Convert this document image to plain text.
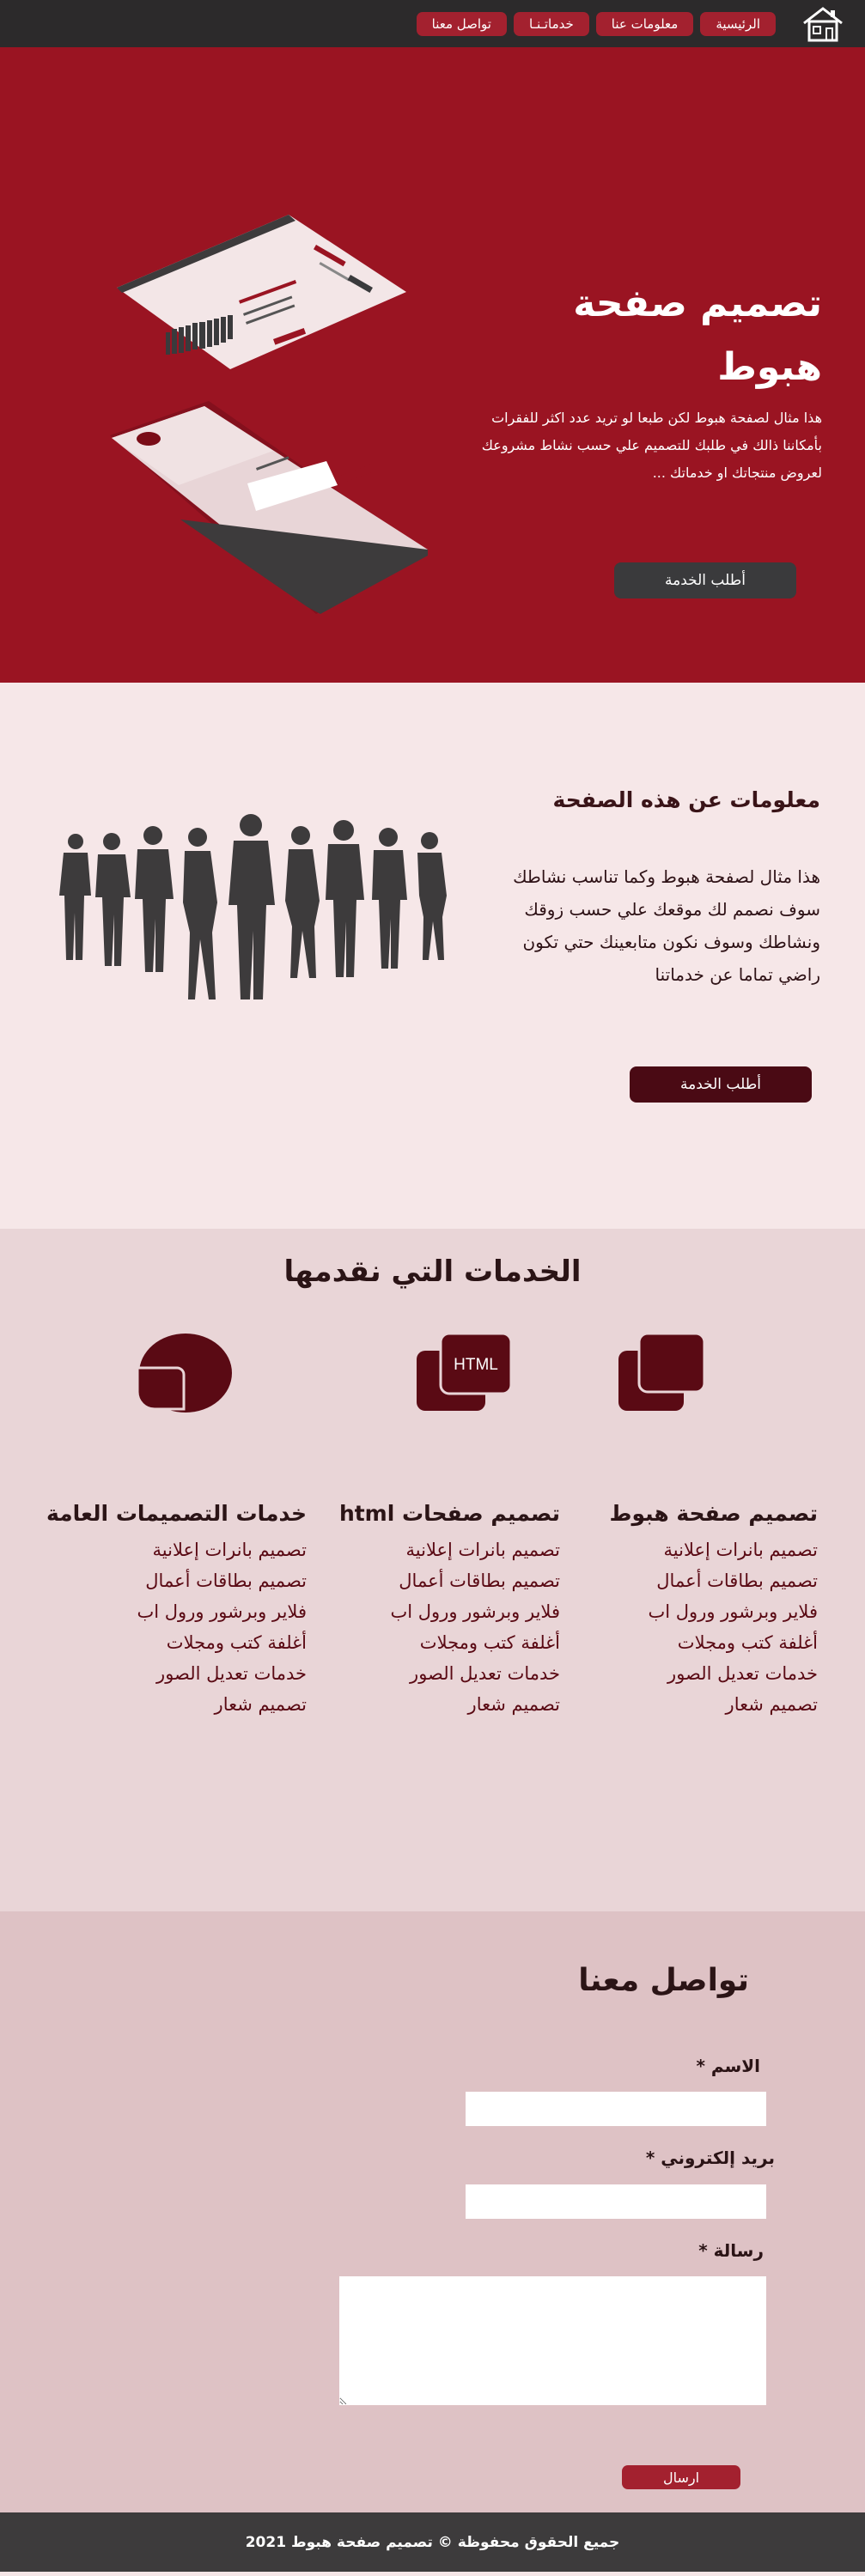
الرئيسية
معلومات عنا
خدماتـنـا
تواصل معنا
تصميم صفحة
هبوط

هذا مثال لصفحة هبوط لكن طبعا لو تريد عدد اكثر للفقرات
بأمكاننا ذالك في طلبك للتصميم علي حسب نشاط مشروعك
لعروض منتجاتك او خدماتك ...

أطلب الخدمة
معلومات عن هذه الصفحة

هذا مثال لصفحة هبوط وكما تناسب نشاطك سوف نصمم لك موقعك علي حسب زوقك ونشاطك وسوف نكون متابعينك حتي تكون راضي تماما عن خدماتنا

أطلب الخدمة
الخدمات التي نقدمها
تصميم صفحة هبوط
تصميم بانرات إعلانية
تصميم بطاقات أعمال
فلاير وبرشور ورول اب
أغلفة كتب ومجلات
خدمات تعديل الصور
تصميم شعار
HTML
تصميم صفحات html
تصميم بانرات إعلانية
تصميم بطاقات أعمال
فلاير وبرشور ورول اب
أغلفة كتب ومجلات
خدمات تعديل الصور
تصميم شعار
خدمات التصميمات العامة
تصميم بانرات إعلانية
تصميم بطاقات أعمال
فلاير وبرشور ورول اب
أغلفة كتب ومجلات
خدمات تعديل الصور
تصميم شعار
تواصل معنا
الاسم *
بريد إلكتروني *
رسالة *
ارسال
جميع الحقوق محفوظة © تصميم صفحة هبوط 2021
